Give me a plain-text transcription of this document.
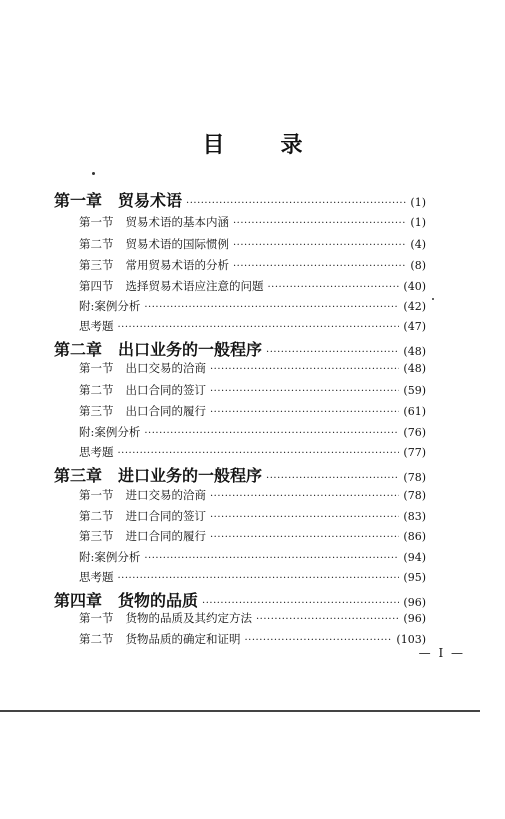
目	录
第一章 贸易术语 ·····	(1)
第一节 贸易术语的基本内涵 ·····	(1)
第二节 贸易术语的国际惯例 ·····	(4)
第三节 常用贸易术语的分析 ·····	(8)
第四节 选择贸易术语应注意的问题 ·····	(40)
附:案例分析 ·····	(42)
思考题 ·····	(47)
第二章 出口业务的一般程序 ·····	(48)
第一节 出口交易的洽商 ·····	(48)
第二节 出口合同的签订 ·····	(59)
第三节 出口合同的履行 ·····	(61)
附:案例分析 ·····	(76)
思考题 ·····	(77)
第三章 进口业务的一般程序 ·····	(78)
第一节 进口交易的洽商 ·····	(78)
第二节 进口合同的签订 ·····	(83)
第三节 进口合同的履行 ·····	(86)
附:案例分析 ·····	(94)
思考题 ·····	(95)
第四章 货物的品质 ·····	(96)
第一节 货物的品质及其约定方法 ·····	(96)
第二节 货物品质的确定和证明 ·····	(103)
— I —
